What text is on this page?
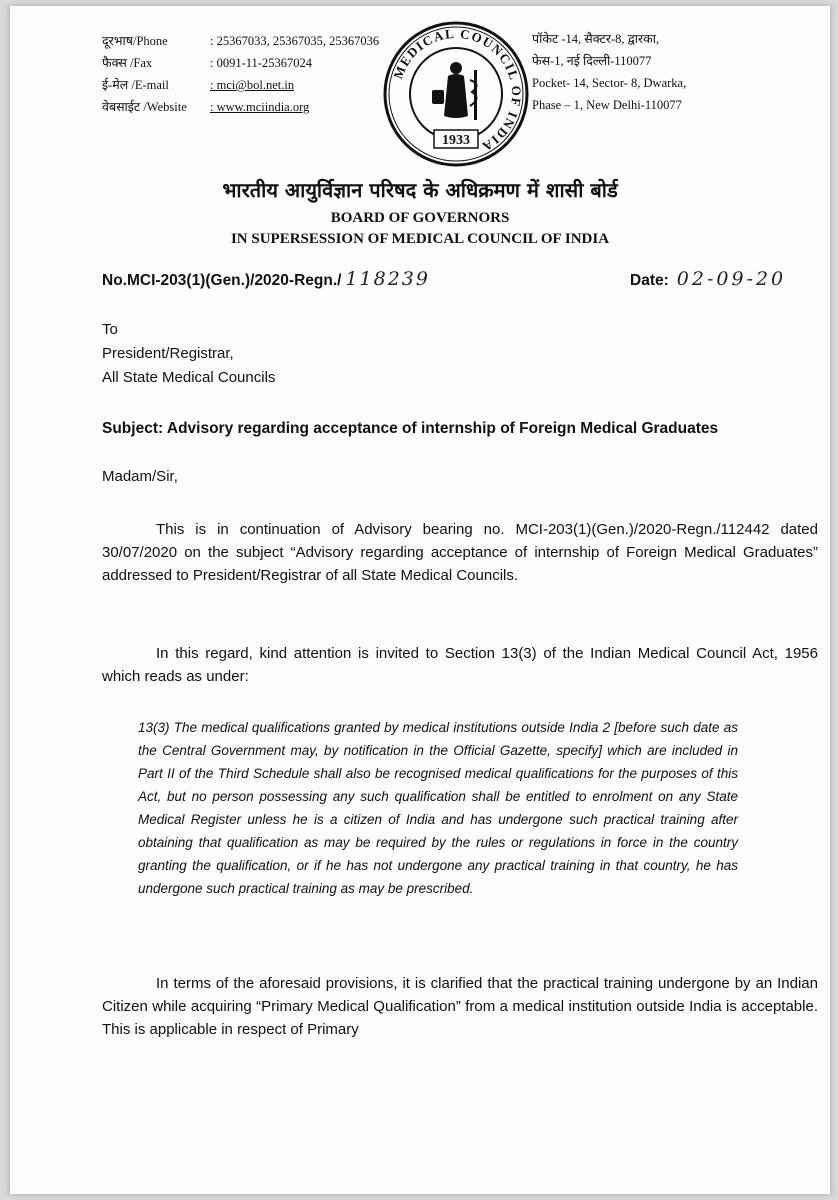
दूरभाष/Phone	: 25367033, 25367035, 25367036
फैक्स /Fax	: 0091-11-25367024
ई-मेल /E-mail	: mci@bol.net.in
वेबसाईट /Website : www.mciindia.org
MEDICAL COUNCIL OF INDIA
1933
पॉकेट -14, सैक्टर-8, द्वारका,
फेस-1, नई दिल्ली-110077
Pocket- 14, Sector- 8, Dwarka,
Phase – 1, New Delhi-110077
भारतीय आयुर्विज्ञान परिषद के अधिक्रमण में शासी बोर्ड
BOARD OF GOVERNORS
IN SUPERSESSION OF MEDICAL COUNCIL OF INDIA
No.MCI-203(1)(Gen.)/2020-Regn./ 118239	Date: 02-09-20
To
President/Registrar,
All State Medical Councils
Subject: Advisory regarding acceptance of internship of Foreign Medical Graduates
Madam/Sir,
This is in continuation of Advisory bearing no. MCI-203(1)(Gen.)/2020-Regn./112442 dated 30/07/2020 on the subject “Advisory regarding acceptance of internship of Foreign Medical Graduates” addressed to President/Registrar of all State Medical Councils.
In this regard, kind attention is invited to Section 13(3) of the Indian Medical Council Act, 1956 which reads as under:
13(3) The medical qualifications granted by medical institutions outside India 2 [before such date as the Central Government may, by notification in the Official Gazette, specify] which are included in Part II of the Third Schedule shall also be recognised medical qualifications for the purposes of this Act, but no person possessing any such qualification shall be entitled to enrolment on any State Medical Register unless he is a citizen of India and has undergone such practical training after obtaining that qualification as may be required by the rules or regulations in force in the country granting the qualification, or if he has not undergone any practical training in that country, he has undergone such practical training as may be prescribed.
In terms of the aforesaid provisions, it is clarified that the practical training undergone by an Indian Citizen while acquiring “Primary Medical Qualification” from a medical institution outside India is acceptable. This is applicable in respect of Primary
